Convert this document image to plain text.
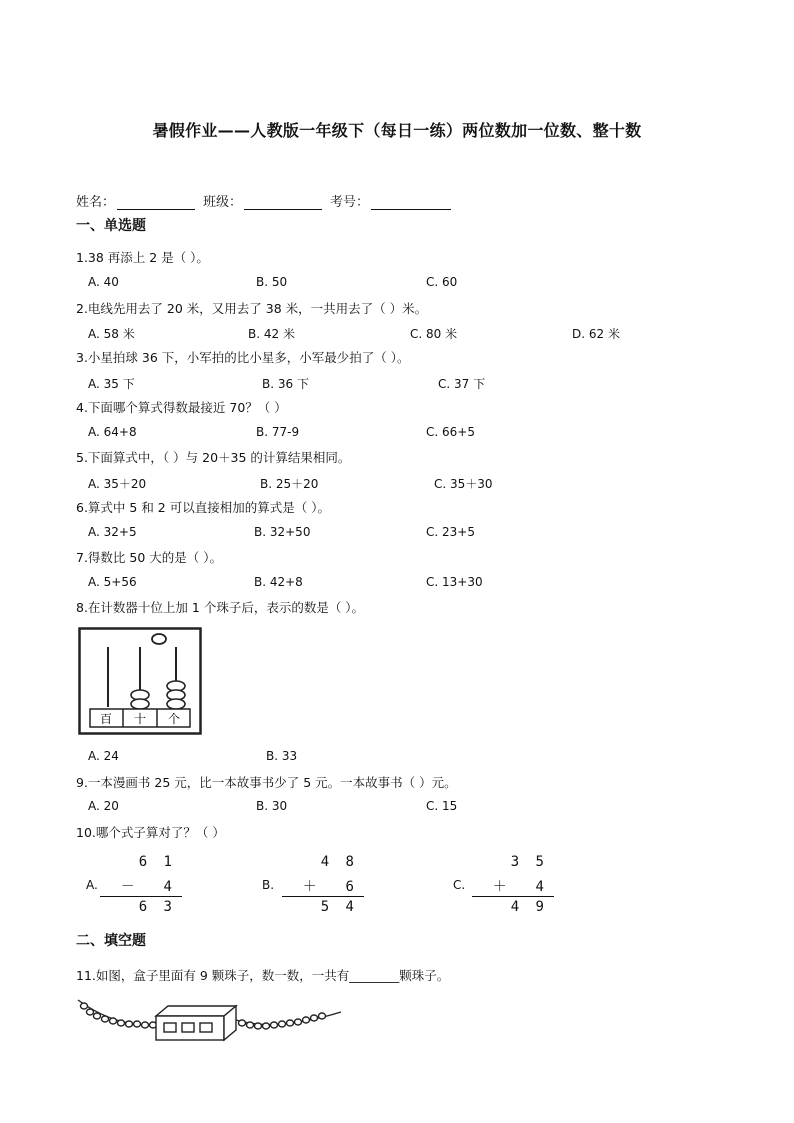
暑假作业——人教版一年级下（每日一练）两位数加一位数、整十数
姓名：	班级：	考号：
一、单选题
1.38 再添上 2 是（ ）。
A. 40	B. 50	C. 60
2.电线先用去了 20 米，又用去了 38 米，一共用去了（ ）米。
A. 58 米	B. 42 米	C. 80 米	D. 62 米
3.小星拍球 36 下，小军拍的比小星多，小军最少拍了（ ）。
A. 35 下	B. 36 下	C. 37 下
4.下面哪个算式得数最接近 70？（ ）
A. 64+8	B. 77-9	C. 66+5
5.下面算式中，（ ）与 20＋35 的计算结果相同。
A. 35＋20	B. 25＋20	C. 35＋30
6.算式中 5 和 2 可以直接相加的算式是（ ）。
A. 32+5	B. 32+50	C. 23+5
7.得数比 50 大的是（ ）。
A. 5+56	B. 42+8	C. 13+30
8.在计数器十位上加 1 个珠子后，表示的数是（ ）。
百 十 个
A. 24	B. 33
9.一本漫画书 25 元，比一本故事书少了 5 元。一本故事书（ ）元。
A. 20	B. 30	C. 15
10.哪个式子算对了？（ ）
A.
6 1
－  4
6 3
B.
4 8
＋  6
5 4
C.
3 5
＋  4
4 9
二、填空题
11.如图，盒子里面有 9 颗珠子，数一数，一共有________颗珠子。
